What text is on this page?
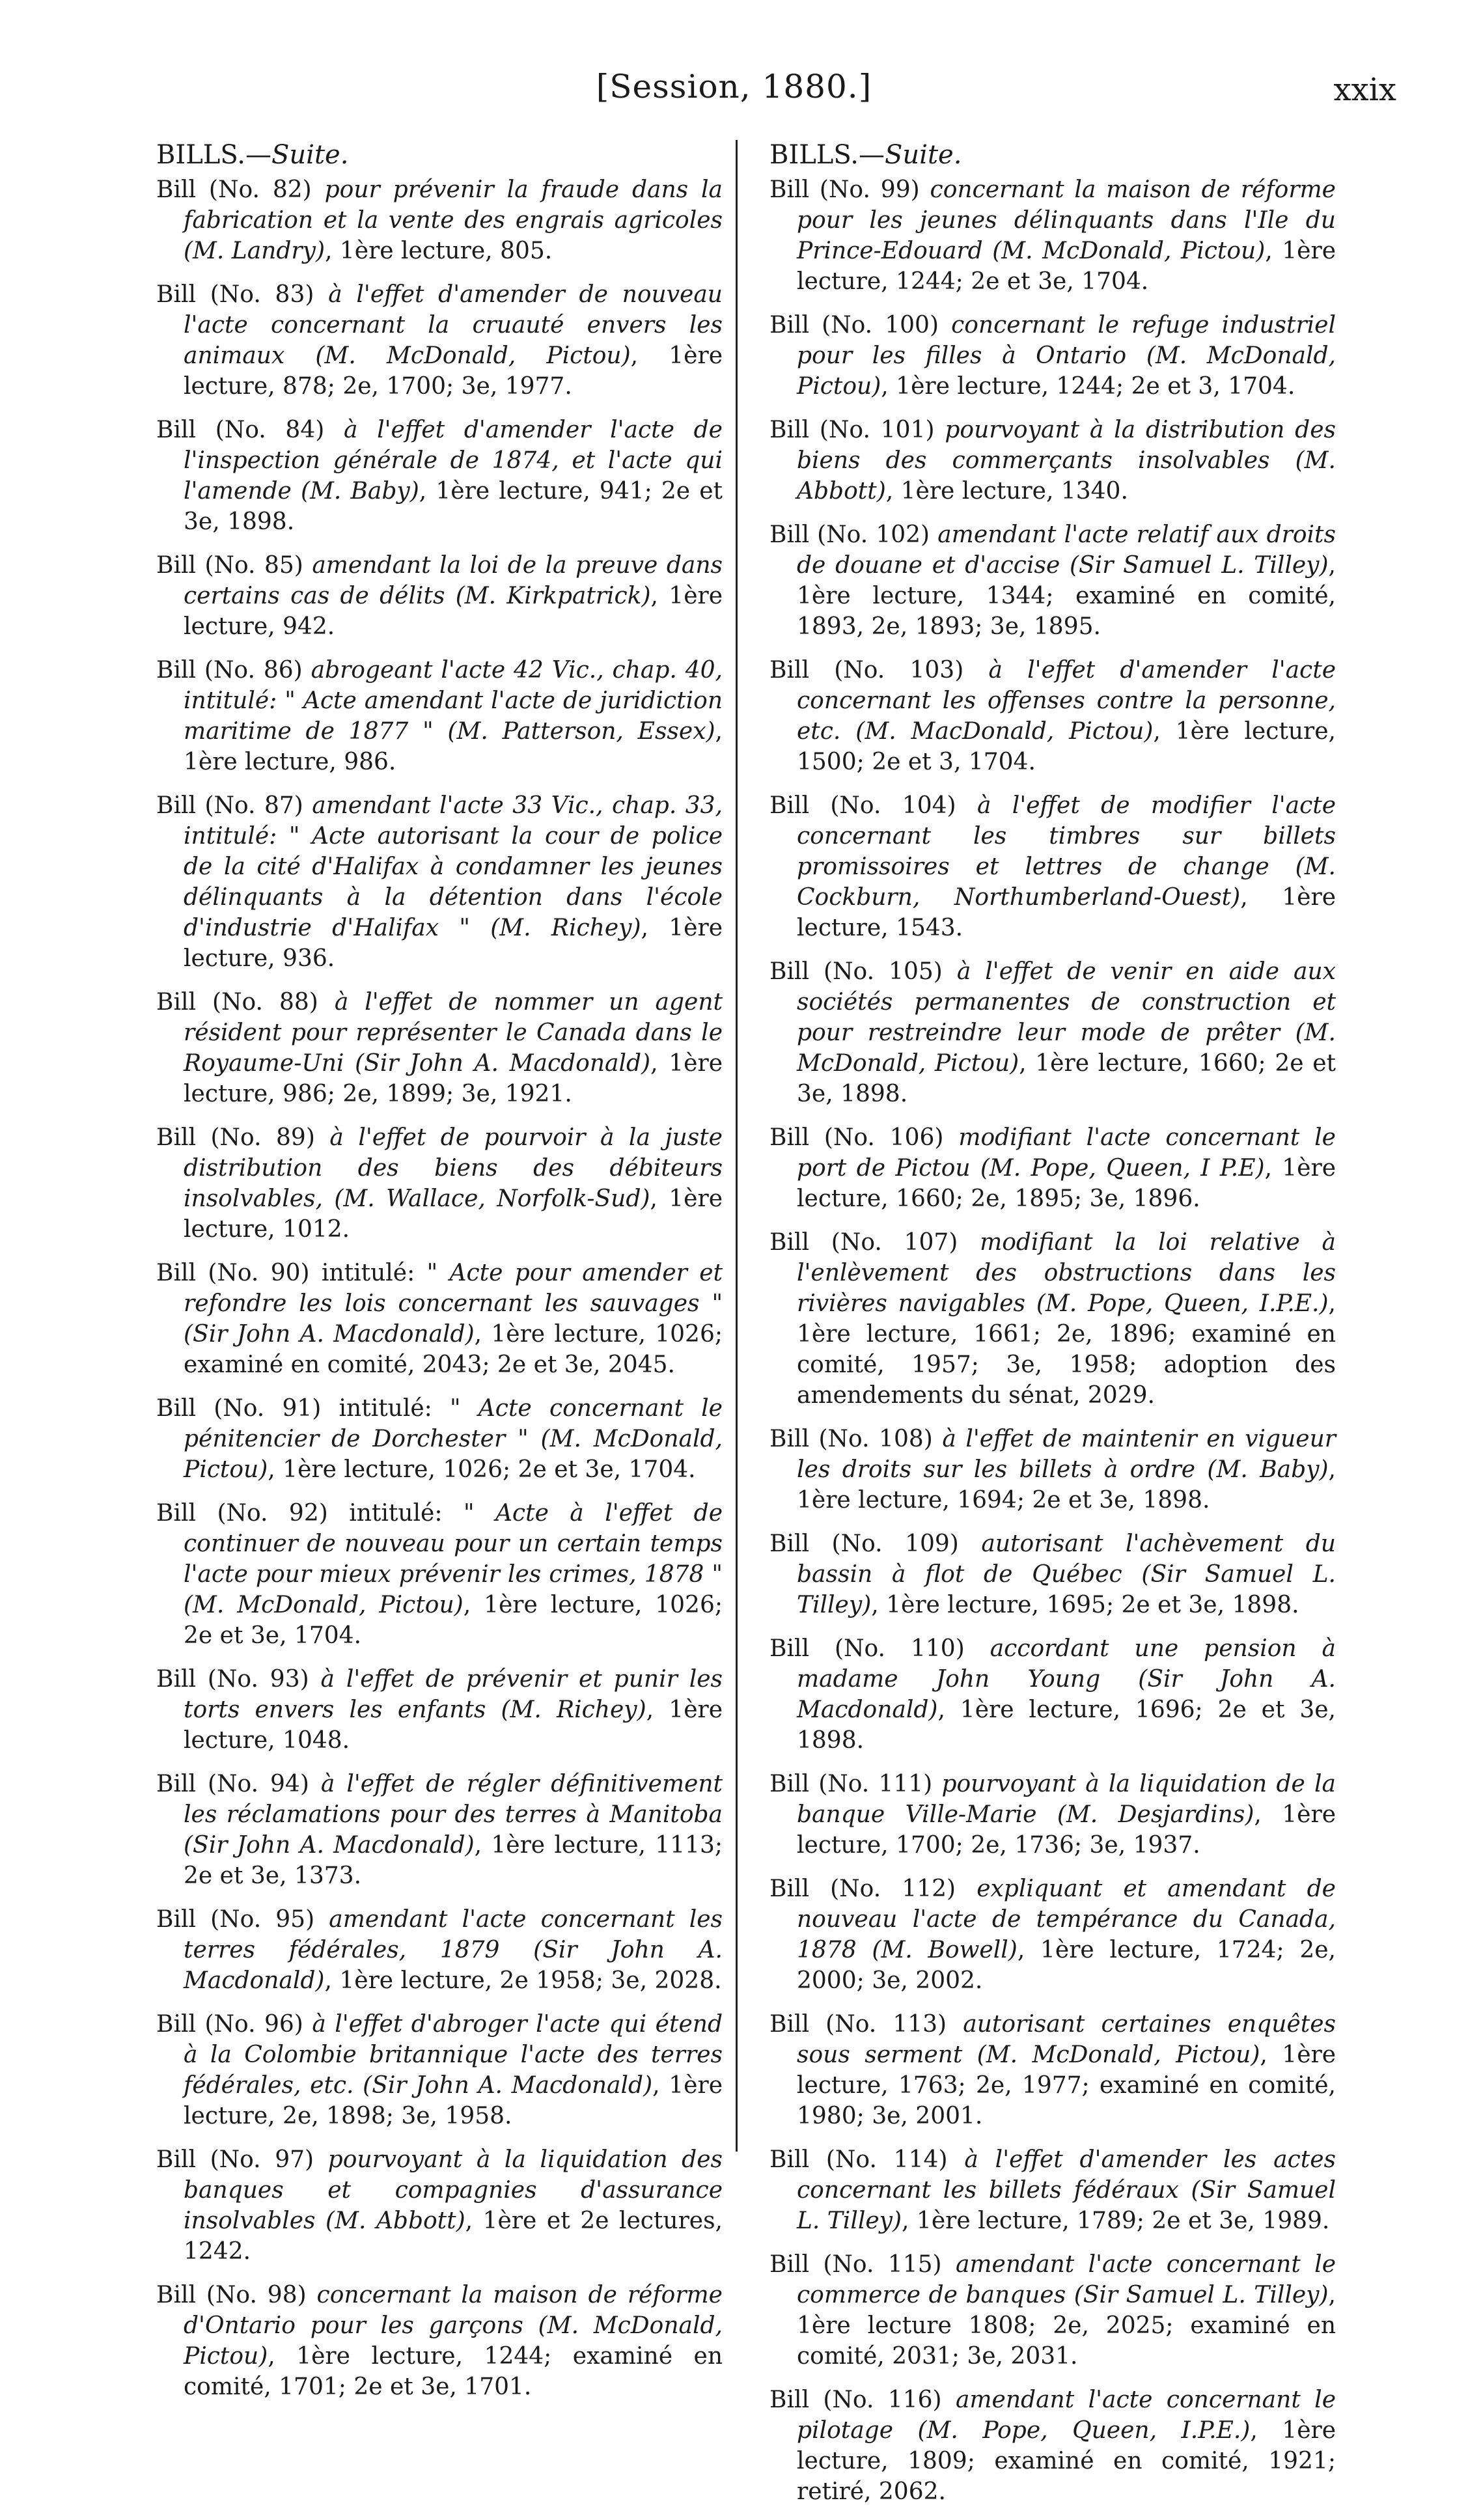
[Session, 1880.]	xxix
BILLS.—Suite.
Bill (No. 82) pour prévenir la fraude dans la fabrication et la vente des engrais agricoles (M. Landry), 1ère lecture, 805.
Bill (No. 83) à l'effet d'amender de nouveau l'acte concernant la cruauté envers les animaux (M. McDonald, Pictou), 1ère lecture, 878; 2e, 1700; 3e, 1977.
Bill (No. 84) à l'effet d'amender l'acte de l'inspection générale de 1874, et l'acte qui l'amende (M. Baby), 1ère lecture, 941; 2e et 3e, 1898.
Bill (No. 85) amendant la loi de la preuve dans certains cas de délits (M. Kirkpatrick), 1ère lecture, 942.
Bill (No. 86) abrogeant l'acte 42 Vic., chap. 40, intitulé: " Acte amendant l'acte de juridiction maritime de 1877 " (M. Patterson, Essex), 1ère lecture, 986.
Bill (No. 87) amendant l'acte 33 Vic., chap. 33, intitulé: " Acte autorisant la cour de police de la cité d'Halifax à condamner les jeunes délinquants à la détention dans l'école d'industrie d'Halifax " (M. Richey), 1ère lecture, 936.
Bill (No. 88) à l'effet de nommer un agent résident pour représenter le Canada dans le Royaume-Uni (Sir John A. Macdonald), 1ère lecture, 986; 2e, 1899; 3e, 1921.
Bill (No. 89) à l'effet de pourvoir à la juste distribution des biens des débiteurs insolvables, (M. Wallace, Norfolk-Sud), 1ère lecture, 1012.
Bill (No. 90) intitulé: " Acte pour amender et refondre les lois concernant les sauvages " (Sir John A. Macdonald), 1ère lecture, 1026; examiné en comité, 2043; 2e et 3e, 2045.
Bill (No. 91) intitulé: " Acte concernant le pénitencier de Dorchester " (M. McDonald, Pictou), 1ère lecture, 1026; 2e et 3e, 1704.
Bill (No. 92) intitulé: " Acte à l'effet de continuer de nouveau pour un certain temps l'acte pour mieux prévenir les crimes, 1878 " (M. McDonald, Pictou), 1ère lecture, 1026; 2e et 3e, 1704.
Bill (No. 93) à l'effet de prévenir et punir les torts envers les enfants (M. Richey), 1ère lecture, 1048.
Bill (No. 94) à l'effet de régler définitivement les réclamations pour des terres à Manitoba (Sir John A. Macdonald), 1ère lecture, 1113; 2e et 3e, 1373.
Bill (No. 95) amendant l'acte concernant les terres fédérales, 1879 (Sir John A. Macdonald), 1ère lecture, 2e 1958; 3e, 2028.
Bill (No. 96) à l'effet d'abroger l'acte qui étend à la Colombie britannique l'acte des terres fédérales, etc. (Sir John A. Macdonald), 1ère lecture, 2e, 1898; 3e, 1958.
Bill (No. 97) pourvoyant à la liquidation des banques et compagnies d'assurance insolvables (M. Abbott), 1ère et 2e lectures, 1242.
Bill (No. 98) concernant la maison de réforme d'Ontario pour les garçons (M. McDonald, Pictou), 1ère lecture, 1244; examiné en comité, 1701; 2e et 3e, 1701.
BILLS.—Suite.
Bill (No. 99) concernant la maison de réforme pour les jeunes délinquants dans l'Ile du Prince-Edouard (M. McDonald, Pictou), 1ère lecture, 1244; 2e et 3e, 1704.
Bill (No. 100) concernant le refuge industriel pour les filles à Ontario (M. McDonald, Pictou), 1ère lecture, 1244; 2e et 3, 1704.
Bill (No. 101) pourvoyant à la distribution des biens des commerçants insolvables (M. Abbott), 1ère lecture, 1340.
Bill (No. 102) amendant l'acte relatif aux droits de douane et d'accise (Sir Samuel L. Tilley), 1ère lecture, 1344; examiné en comité, 1893, 2e, 1893; 3e, 1895.
Bill (No. 103) à l'effet d'amender l'acte concernant les offenses contre la personne, etc. (M. MacDonald, Pictou), 1ère lecture, 1500; 2e et 3, 1704.
Bill (No. 104) à l'effet de modifier l'acte concernant les timbres sur billets promissoires et lettres de change (M. Cockburn, Northumberland-Ouest), 1ère lecture, 1543.
Bill (No. 105) à l'effet de venir en aide aux sociétés permanentes de construction et pour restreindre leur mode de prêter (M. McDonald, Pictou), 1ère lecture, 1660; 2e et 3e, 1898.
Bill (No. 106) modifiant l'acte concernant le port de Pictou (M. Pope, Queen, I P.E), 1ère lecture, 1660; 2e, 1895; 3e, 1896.
Bill (No. 107) modifiant la loi relative à l'enlèvement des obstructions dans les rivières navigables (M. Pope, Queen, I.P.E.), 1ère lecture, 1661; 2e, 1896; examiné en comité, 1957; 3e, 1958; adoption des amendements du sénat, 2029.
Bill (No. 108) à l'effet de maintenir en vigueur les droits sur les billets à ordre (M. Baby), 1ère lecture, 1694; 2e et 3e, 1898.
Bill (No. 109) autorisant l'achèvement du bassin à flot de Québec (Sir Samuel L. Tilley), 1ère lecture, 1695; 2e et 3e, 1898.
Bill (No. 110) accordant une pension à madame John Young (Sir John A. Macdonald), 1ère lecture, 1696; 2e et 3e, 1898.
Bill (No. 111) pourvoyant à la liquidation de la banque Ville-Marie (M. Desjardins), 1ère lecture, 1700; 2e, 1736; 3e, 1937.
Bill (No. 112) expliquant et amendant de nouveau l'acte de tempérance du Canada, 1878 (M. Bowell), 1ère lecture, 1724; 2e, 2000; 3e, 2002.
Bill (No. 113) autorisant certaines enquêtes sous serment (M. McDonald, Pictou), 1ère lecture, 1763; 2e, 1977; examiné en comité, 1980; 3e, 2001.
Bill (No. 114) à l'effet d'amender les actes concernant les billets fédéraux (Sir Samuel L. Tilley), 1ère lecture, 1789; 2e et 3e, 1989.
Bill (No. 115) amendant l'acte concernant le commerce de banques (Sir Samuel L. Tilley), 1ère lecture 1808; 2e, 2025; examiné en comité, 2031; 3e, 2031.
Bill (No. 116) amendant l'acte concernant le pilotage (M. Pope, Queen, I.P.E.), 1ère lecture, 1809; examiné en comité, 1921; retiré, 2062.
